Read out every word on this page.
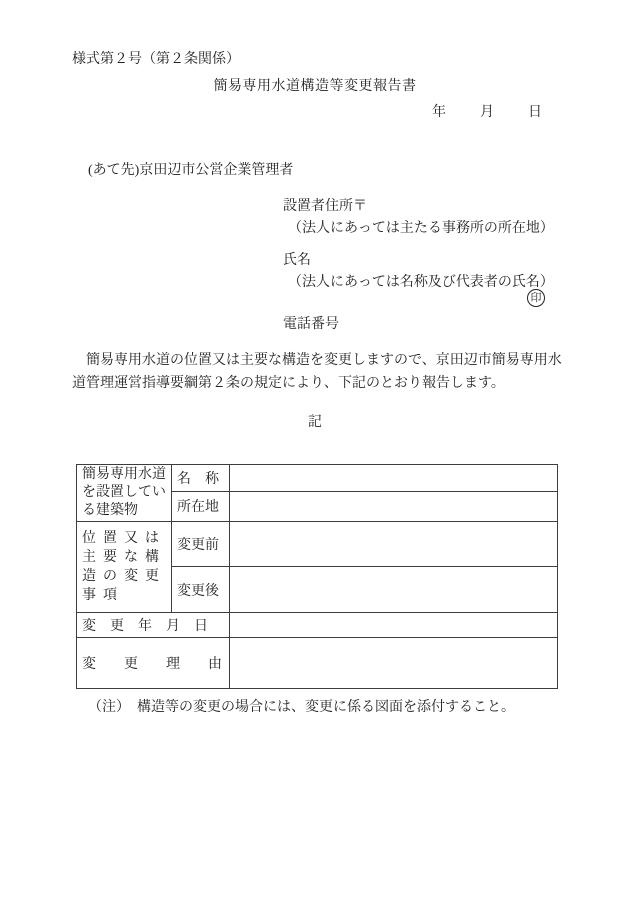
様式第２号（第２条関係）
簡易専用水道構造等変更報告書
年 月 日
(あて先)京田辺市公営企業管理者
設置者住所〒
（法人にあっては主たる事務所の所在地）
氏名
（法人にあっては名称及び代表者の氏名）
印
電話番号
　簡易専用水道の位置又は主要な構造を変更しますので、京田辺市簡易専用水
道管理運営指導要綱第２条の規定により、下記のとおり報告します。
記
簡易専用水道を設置している建築物	名　称	
	所在地	
位置又は主要な構造の変更事項	変更前	
	変更後	
変　更　年　月　日		
変　　更　　理　　由		
（注）　構造等の変更の場合には、変更に係る図面を添付すること。
